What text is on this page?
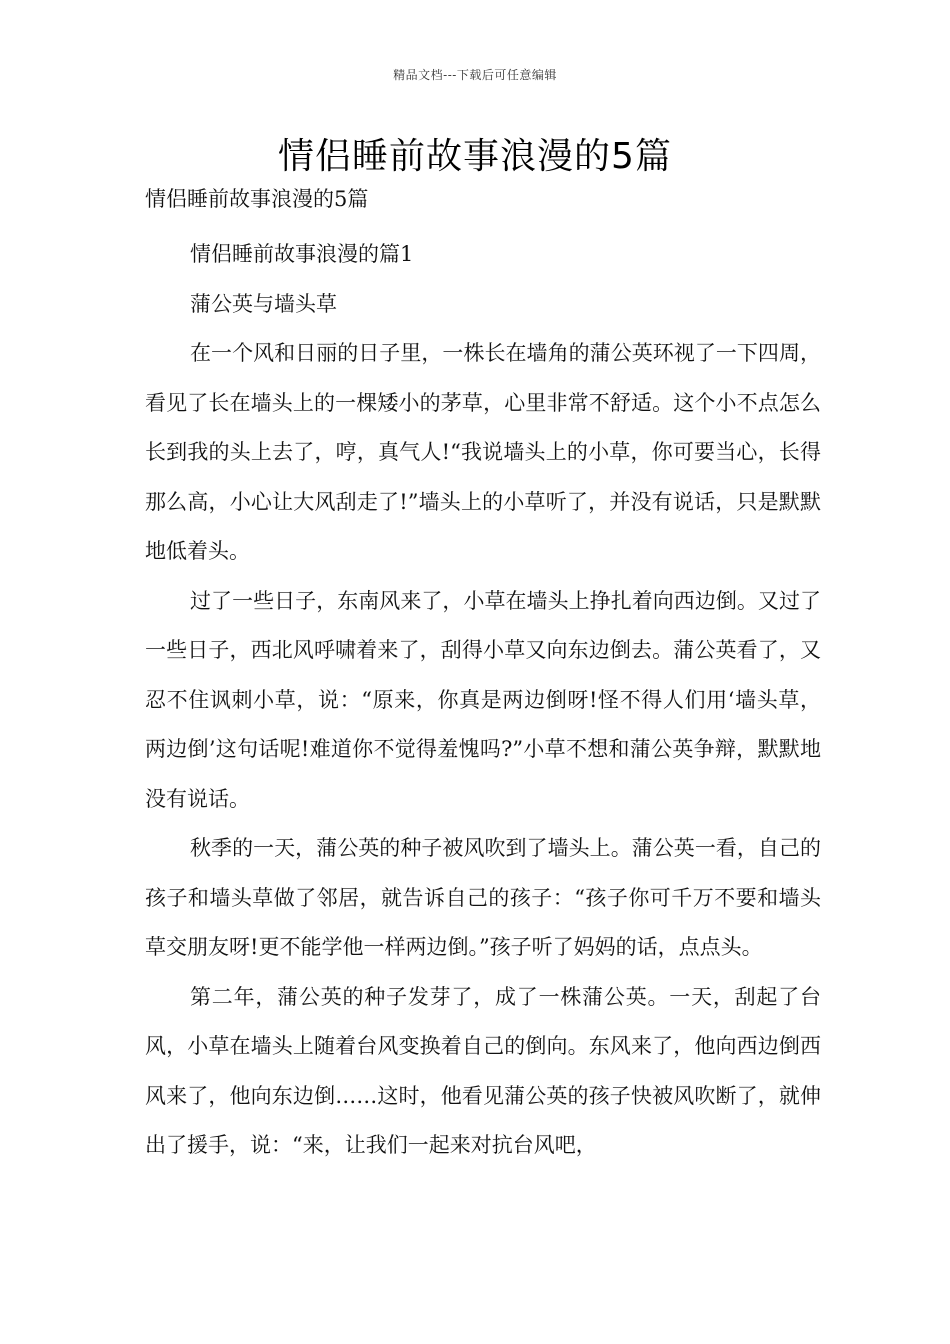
精品文档---下载后可任意编辑
情侣睡前故事浪漫的5篇

情侣睡前故事浪漫的5篇

情侣睡前故事浪漫的篇1

蒲公英与墙头草

在一个风和日丽的日子里，一株长在墙角的蒲公英环视了一下四周，看见了长在墙头上的一棵矮小的茅草，心里非常不舒适。这个小不点怎么长到我的头上去了，哼，真气人!“我说墙头上的小草，你可要当心，长得那么高，小心让大风刮走了!”墙头上的小草听了，并没有说话，只是默默地低着头。

过了一些日子，东南风来了，小草在墙头上挣扎着向西边倒。又过了一些日子，西北风呼啸着来了，刮得小草又向东边倒去。蒲公英看了，又忍不住讽刺小草，说：“原来，你真是两边倒呀!怪不得人们用‘墙头草，两边倒’这句话呢!难道你不觉得羞愧吗?”小草不想和蒲公英争辩，默默地没有说话。

秋季的一天，蒲公英的种子被风吹到了墙头上。蒲公英一看，自己的孩子和墙头草做了邻居，就告诉自己的孩子：“孩子你可千万不要和墙头草交朋友呀!更不能学他一样两边倒。”孩子听了妈妈的话，点点头。

第二年，蒲公英的种子发芽了，成了一株蒲公英。一天，刮起了台风，小草在墙头上随着台风变换着自己的倒向。东风来了，他向西边倒西风来了，他向东边倒……这时，他看见蒲公英的孩子快被风吹断了，就伸出了援手，说：“来，让我们一起来对抗台风吧，
